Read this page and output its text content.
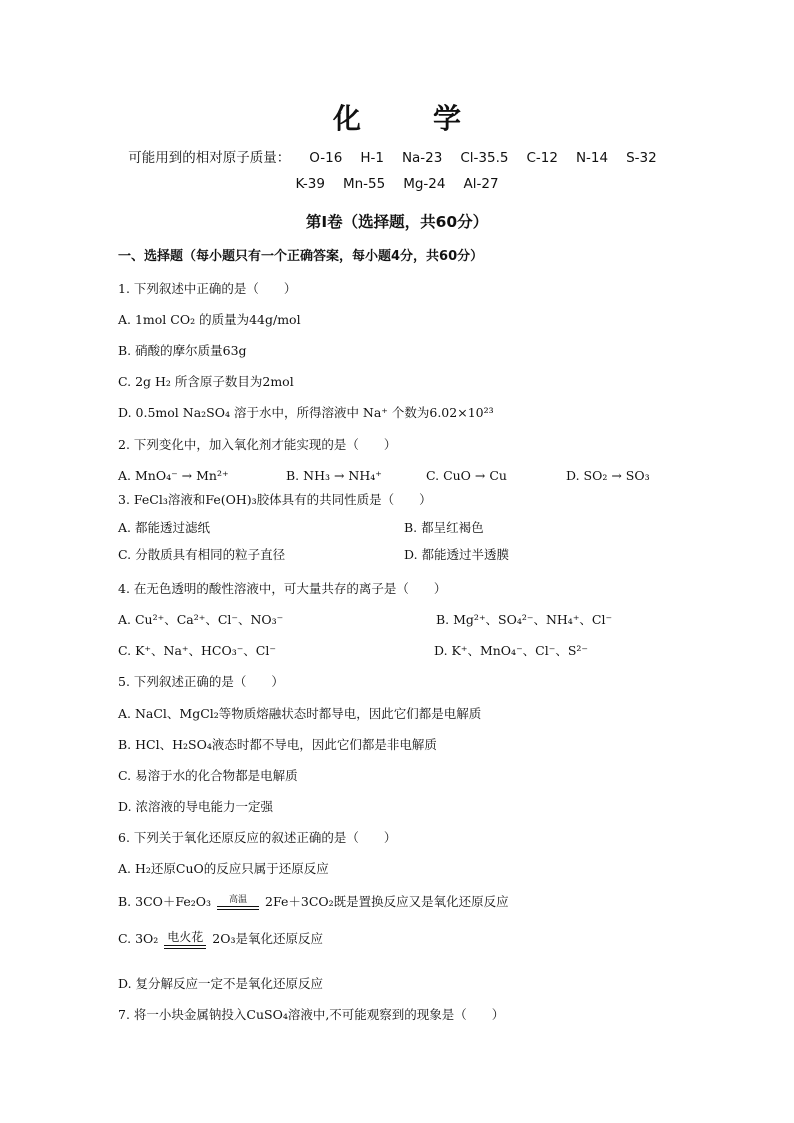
化	学
可能用到的相对原子质量： O-16 H-1 Na-23 Cl-35.5 C-12 N-14 S-32
K-39 Mn-55 Mg-24 Al-27
第Ⅰ卷（选择题，共60分）
一、选择题（每小题只有一个正确答案，每小题4分，共60分）
1. 下列叙述中正确的是（　　）
A. 1mol CO₂ 的质量为44g/mol
B. 硝酸的摩尔质量63g
C. 2g H₂ 所含原子数目为2mol
D. 0.5mol Na₂SO₄ 溶于水中，所得溶液中 Na⁺ 个数为6.02×10²³
2. 下列变化中，加入氧化剂才能实现的是（　　）
A. MnO₄⁻ → Mn²⁺	B. NH₃ → NH₄⁺	C. CuO → Cu	D. SO₂ → SO₃
3. FeCl₃溶液和Fe(OH)₃胶体具有的共同性质是（　　）
A. 都能透过滤纸	B. 都呈红褐色
C. 分散质具有相同的粒子直径	D. 都能透过半透膜
4. 在无色透明的酸性溶液中，可大量共存的离子是（　　）
A. Cu²⁺、Ca²⁺、Cl⁻、NO₃⁻	B. Mg²⁺、SO₄²⁻、NH₄⁺、Cl⁻
C. K⁺、Na⁺、HCO₃⁻、Cl⁻	D. K⁺、MnO₄⁻、Cl⁻、S²⁻
5. 下列叙述正确的是（　　）
A. NaCl、MgCl₂等物质熔融状态时都导电，因此它们都是电解质
B. HCl、H₂SO₄液态时都不导电，因此它们都是非电解质
C. 易溶于水的化合物都是电解质
D. 浓溶液的导电能力一定强
6. 下列关于氧化还原反应的叙述正确的是（　　）
A. H₂还原CuO的反应只属于还原反应
B. 3CO＋Fe₂O₃	高温	2Fe＋3CO₂既是置换反应又是氧化还原反应
C. 3O₂ 电火花 2O₃是氧化还原反应
D. 复分解反应一定不是氧化还原反应
7. 将一小块金属钠投入CuSO₄溶液中,不可能观察到的现象是（　　）
